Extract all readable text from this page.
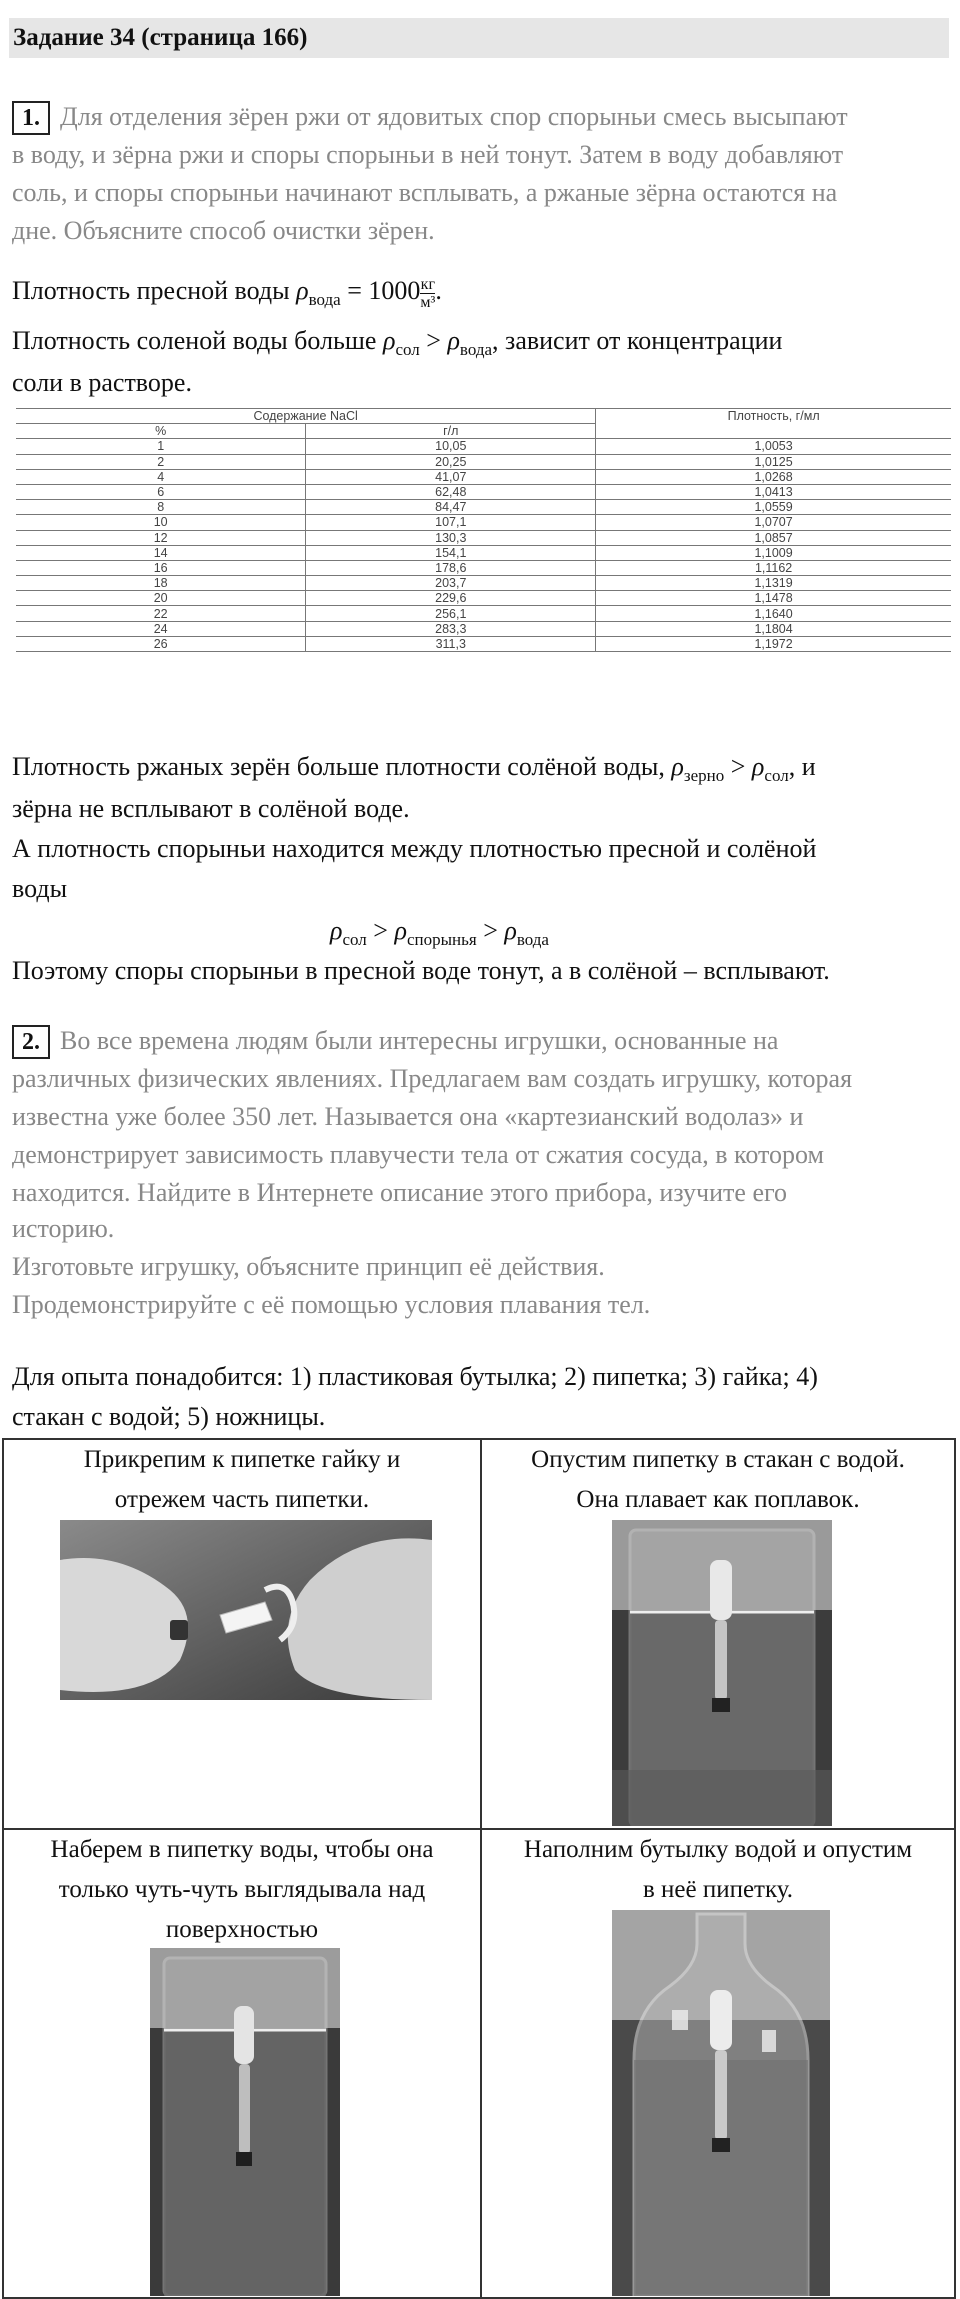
Задание 34 (страница 166)
1. Для отделения зёрен ржи от ядовитых спор спорыньи смесь высыпают
в воду, и зёрна ржи и споры спорыньи в ней тонут. Затем в воду добавляют
соль, и споры спорыньи начинают всплывать, а ржаные зёрна остаются на
дне. Объясните способ очистки зёрен.
Плотность пресной воды $\rho_{вода} = 1000 \frac{кг}{\text{м³}}$ .
Плотность соленой воды больше $\rho_{сол} > \rho_{вода}$, зависит от концентрации
соли в растворе.
Содержание NaCl		Плотность, г/мл
%	г/л	
1	10,05	1,0053
2	20,25	1,0125
4	41,07	1,0268
6	62,48	1,0413
8	84,47	1,0559
10	107,1	1,0707
12	130,3	1,0857
14	154,1	1,1009
16	178,6	1,1162
18	203,7	1,1319
20	229,6	1,1478
22	256,1	1,1640
24	283,3	1,1804
26	311,3	1,1972
Плотность ржаных зерён больше плотности солёной воды, $\rho_{зерно} > \rho_{сол}$, и
зёрна не всплывают в солёной воде.
А плотность спорыньи находится между плотностью пресной и солёной
воды
$\rho_{сол} > \rho_{спорынья} > \rho_{вода}$
Поэтому споры спорыньи в пресной воде тонут, а в солёной – всплывают.
2. Во все времена людям были интересны игрушки, основанные на
различных физических явлениях. Предлагаем вам создать игрушку, которая
известна уже более 350 лет. Называется она «картезианский водолаз» и
демонстрирует зависимость плавучести тела от сжатия сосуда, в котором
находится. Найдите в Интернете описание этого прибора, изучите его
историю.
Изготовьте игрушку, объясните принцип её действия.
Продемонстрируйте с её помощью условия плавания тел.
Для опыта понадобится: 1) пластиковая бутылка; 2) пипетка; 3) гайка; 4)
стакан с водой; 5) ножницы.
Прикрепим к пипетке гайку и
отрежем часть пипетки.
Опустим пипетку в стакан с водой.
Она плавает как поплавок.
Наберем в пипетку воды, чтобы она
только чуть-чуть выглядывала над
поверхностью
Наполним бутылку водой и опустим
в неё пипетку.
